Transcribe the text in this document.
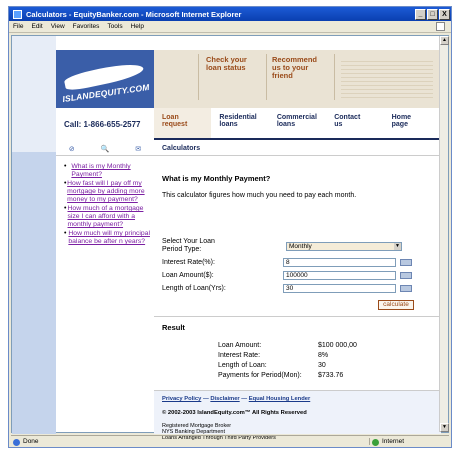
Calculators - EquityBanker.com - Microsoft Internet Explorer	_	□	X
File Edit View Favorites Tools Help
ISLANDEQUITY.COM
Check your
loan status
Recommend
us to your
friend
Call: 1-866-655-2577
Loan
request
Residential
loans
Commercial
loans
Contact
us
Home
page
⊘	🔍	✉	Calculators
• What is my Monthly Payment?
• How fast will I pay off my mortgage by adding more money to my payment?
• How much of a mortgage size I can afford with a monthly payment?
• How much will my principal balance be after n years?
What is my Monthly Payment?
This calculator figures how much you need to pay each month.
Select Your Loan
Period Type:	Monthly	▼
Interest Rate(%):	8
Loan Amount($):	100000
Length of Loan(Yrs):	30
calculate
Result
Loan Amount:	$100 000,00
Interest Rate:	8%
Length of Loan:	30
Payments for Period(Mon):	$733.76
Privacy Policy — Disclaimer — Equal Housing Lender
© 2002-2003 IslandEquity.com™ All Rights Reserved
Registered Mortgage Broker
NYS Banking Department
Loans Arranged Through Third Party Providers
▲
▼
Done	Internet
